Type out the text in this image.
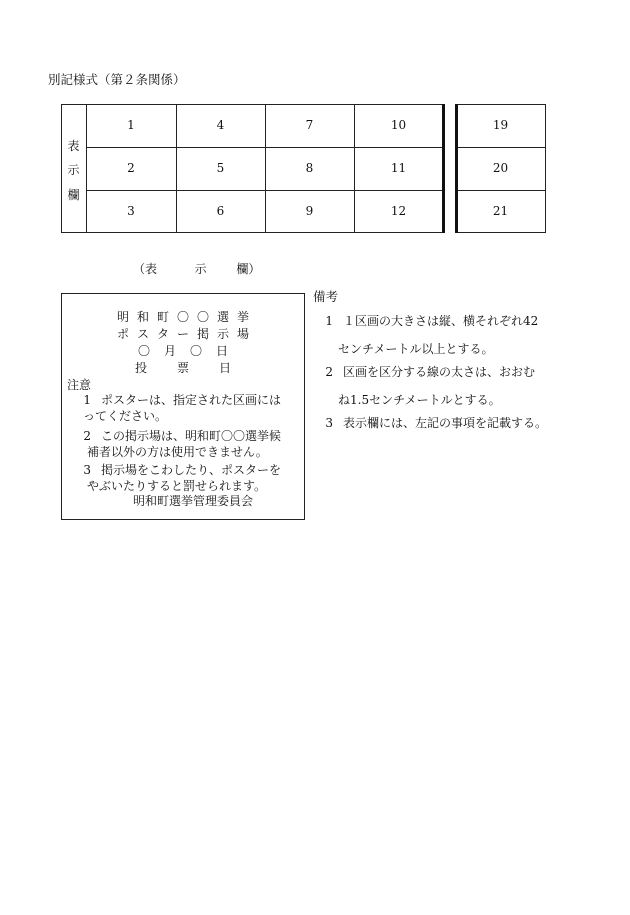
別記様式（第２条関係）
1	4	7	10	19
2	5	8	11	20
3	6	9	12	21
表
示
欄
（表	示 欄）
明 和 町 〇 〇 選 挙
ポ ス タ ー 掲 示 場
〇 月 〇 日
投	票	日
注意
1 ポスターは、指定された区画には
ってください。
2 この掲示場は、明和町〇〇選挙候
補者以外の方は使用できません。
3 掲示場をこわしたり、ポスターを
やぶいたりすると罰せられます。
明和町選挙管理委員会
備考
1 １区画の大きさは縦、横それぞれ42
センチメートル以上とする。
2 区画を区分する線の太さは、おおむ
ね1.5センチメートルとする。
3 表示欄には、左記の事項を記載する。
